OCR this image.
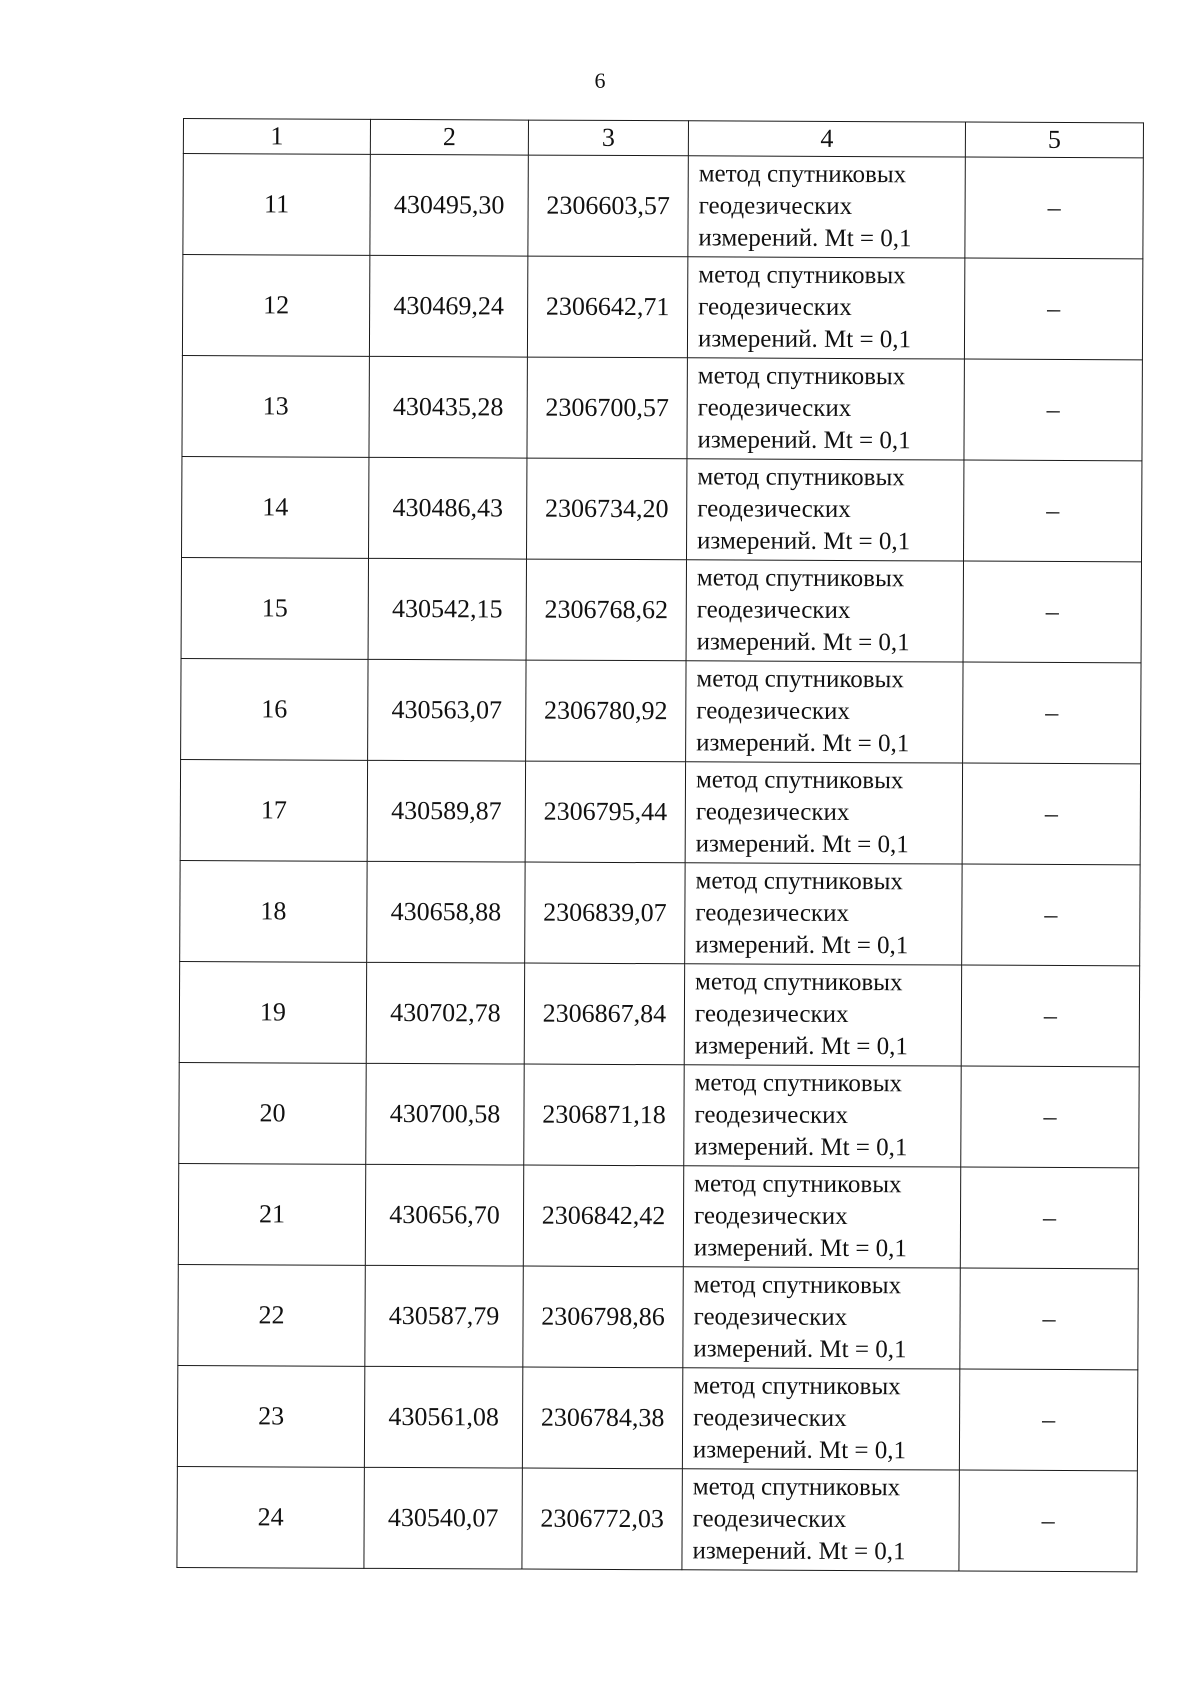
6
1	2	3	4	5
11	430495,30	2306603,57	метод спутниковых
геодезических
измерений. Mt = 0,1	–
12	430469,24	2306642,71	метод спутниковых
геодезических
измерений. Mt = 0,1	–
13	430435,28	2306700,57	метод спутниковых
геодезических
измерений. Mt = 0,1	–
14	430486,43	2306734,20	метод спутниковых
геодезических
измерений. Mt = 0,1	–
15	430542,15	2306768,62	метод спутниковых
геодезических
измерений. Mt = 0,1	–
16	430563,07	2306780,92	метод спутниковых
геодезических
измерений. Mt = 0,1	–
17	430589,87	2306795,44	метод спутниковых
геодезических
измерений. Mt = 0,1	–
18	430658,88	2306839,07	метод спутниковых
геодезических
измерений. Mt = 0,1	–
19	430702,78	2306867,84	метод спутниковых
геодезических
измерений. Mt = 0,1	–
20	430700,58	2306871,18	метод спутниковых
геодезических
измерений. Mt = 0,1	–
21	430656,70	2306842,42	метод спутниковых
геодезических
измерений. Mt = 0,1	–
22	430587,79	2306798,86	метод спутниковых
геодезических
измерений. Mt = 0,1	–
23	430561,08	2306784,38	метод спутниковых
геодезических
измерений. Mt = 0,1	–
24	430540,07	2306772,03	метод спутниковых
геодезических
измерений. Mt = 0,1	–
